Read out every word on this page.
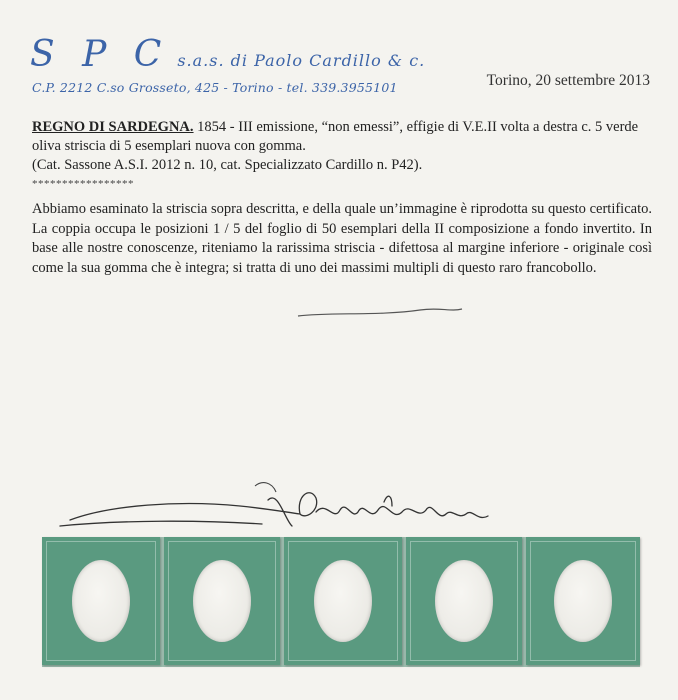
S P C s.a.s. di Paolo Cardillo & c.
C.P. 2212 C.so Grosseto, 425 - Torino - tel. 339.3955101	Torino, 20 settembre 2013
REGNO DI SARDEGNA. 1854 - III emissione, “non emessi”, effigie di V.E.II volta a destra c. 5 verde oliva striscia di 5 esemplari nuova con gomma.
(Cat. Sassone A.S.I. 2012 n. 10, cat. Specializzato Cardillo n. P42).
*****************
Abbiamo esaminato la striscia sopra descritta, e della quale un’immagine è riprodotta su questo certificato. La coppia occupa le posizioni 1 / 5 del foglio di 50 esemplari della II composizione a fondo invertito. In base alle nostre conoscenze, riteniamo la rarissima striscia - difettosa al margine inferiore - originale così come la sua gomma che è integra; si tratta di uno dei massimi multipli di questo raro francobollo.
